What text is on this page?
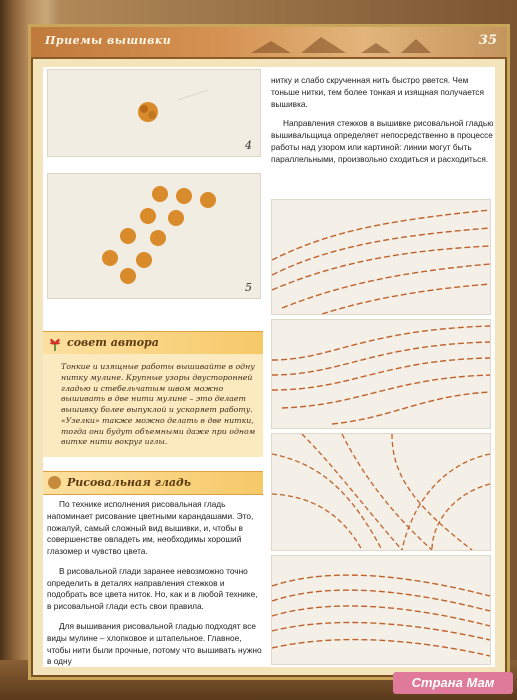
Приемы вышивки	35
4
5
совет автора

Тонкие и изящные работы вышивайте в одну нитку мулине. Крупные узоры двусторонней гладью и стебельчатым швом можно вышивать в две нити мулине – это делает вышивку более выпуклой и ускоряет работу. «Узелки» также можно делать в две нитки, тогда они будут объемными даже при одном витке нити вокруг иглы.

Рисовальная гладь

По технике исполнения рисовальная гладь напоминает рисование цветными карандашами. Это, пожалуй, самый сложный вид вышивки, и, чтобы в совершенстве овладеть им, необходимы хороший глазомер и чувство цвета.

В рисовальной глади заранее невозможно точно определить в деталях направления стежков и подобрать все цвета ниток. Но, как и в любой технике, в рисовальной глади есть свои правила.

Для вышивания рисовальной гладью подходят все виды мулине – хлопковое и штапельное. Главное, чтобы нити были прочные, потому что вышивать нужно в одну

нитку и слабо скрученная нить быстро рвется. Чем тоньше нитки, тем более тонкая и изящная получается вышивка.

Направления стежков в вышивке рисовальной гладью вышивальщица определяет непосредственно в процессе работы над узором или картиной: линии могут быть параллельными, произвольно сходиться и расходиться.

Страна Мам
